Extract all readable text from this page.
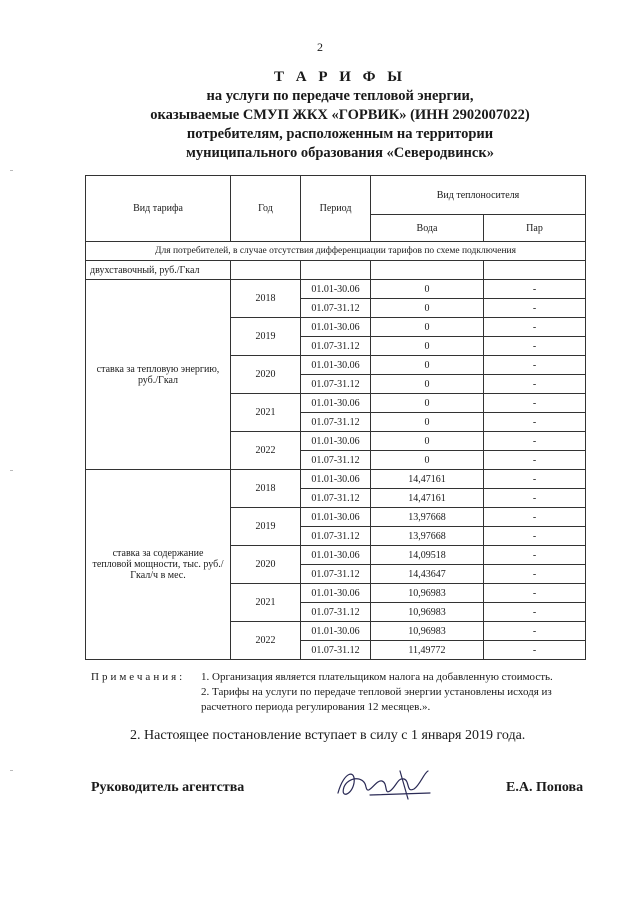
2
Т А Р И Ф Ы
на услуги по передаче тепловой энергии,
оказываемые СМУП ЖКХ «ГОРВИК» (ИНН 2902007022)
потребителям, расположенным на территории
муниципального образования «Северодвинск»
Вид тарифа	Год	Период	Вид теплоносителя	
			Вода	Пар
Для потребителей, в случае отсутствия дифференциации тарифов по схеме подключения				
двухставочный, руб./Гкал				
ставка за тепловую энергию, руб./Гкал	2018	01.01-30.06	0	-
		01.07-31.12	0	-
	2019	01.01-30.06	0	-
		01.07-31.12	0	-
	2020	01.01-30.06	0	-
		01.07-31.12	0	-
	2021	01.01-30.06	0	-
		01.07-31.12	0	-
	2022	01.01-30.06	0	-
		01.07-31.12	0	-
ставка за содержание тепловой мощности, тыс. руб./Гкал/ч в мес.	2018	01.01-30.06	14,47161	-
		01.07-31.12	14,47161	-
	2019	01.01-30.06	13,97668	-
		01.07-31.12	13,97668	-
	2020	01.01-30.06	14,09518	-
		01.07-31.12	14,43647	-
	2021	01.01-30.06	10,96983	-
		01.07-31.12	10,96983	-
	2022	01.01-30.06	10,96983	-
		01.07-31.12	11,49772	-
Примечания: 1. Организация является плательщиком налога на добавленную стоимость.
2. Тарифы на услуги по передаче тепловой энергии установлены исходя из расчетного периода регулирования 12 месяцев.».
2. Настоящее постановление вступает в силу с 1 января 2019 года.
Руководитель агентства	Е.А. Попова
